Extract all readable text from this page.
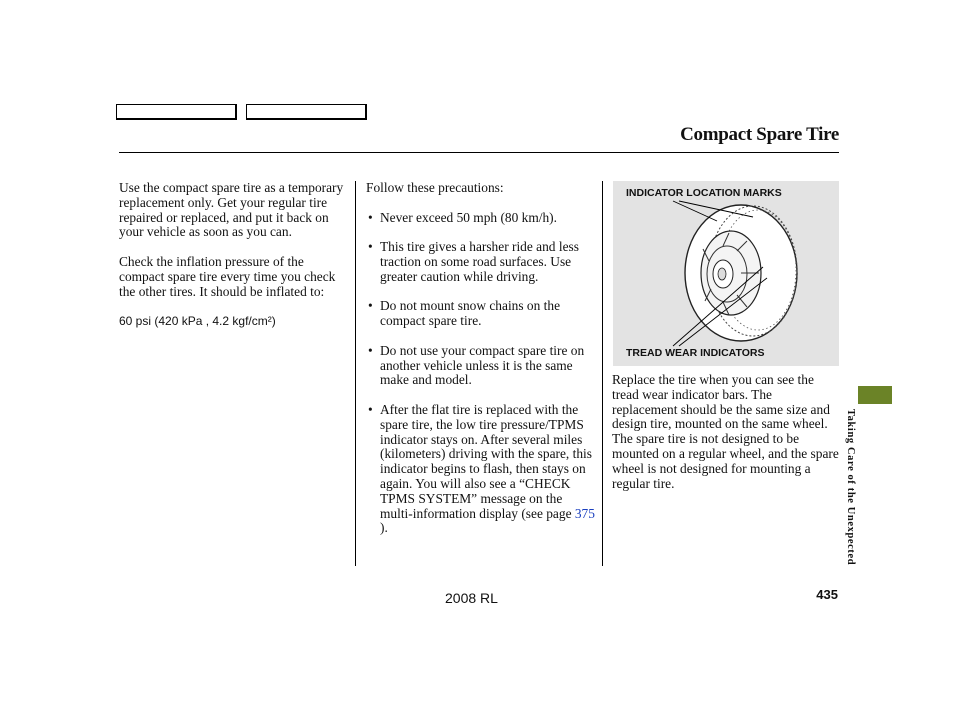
Compact Spare Tire

Use the compact spare tire as a temporary replacement only. Get your regular tire repaired or replaced, and put it back on your vehicle as soon as you can.

Check the inflation pressure of the compact spare tire every time you check the other tires. It should be inflated to:

60 psi (420 kPa , 4.2 kgf/cm²)

Follow these precautions:

• Never exceed 50 mph (80 km/h).
• This tire gives a harsher ride and less traction on some road surfaces. Use greater caution while driving.
• Do not mount snow chains on the compact spare tire.
• Do not use your compact spare tire on another vehicle unless it is the same make and model.
• After the flat tire is replaced with the spare tire, the low tire pressure/TPMS indicator stays on. After several miles (kilometers) driving with the spare, this indicator begins to flash, then stays on again. You will also see a “CHECK TPMS SYSTEM” message on the multi-information display (see page 375 ).
INDICATOR LOCATION MARKS
TREAD WEAR INDICATORS

Replace the tire when you can see the tread wear indicator bars. The replacement should be the same size and design tire, mounted on the same wheel. The spare tire is not designed to be mounted on a regular wheel, and the spare wheel is not designed for mounting a regular tire.	Taking Care of the Unexpected
2008 RL	435
